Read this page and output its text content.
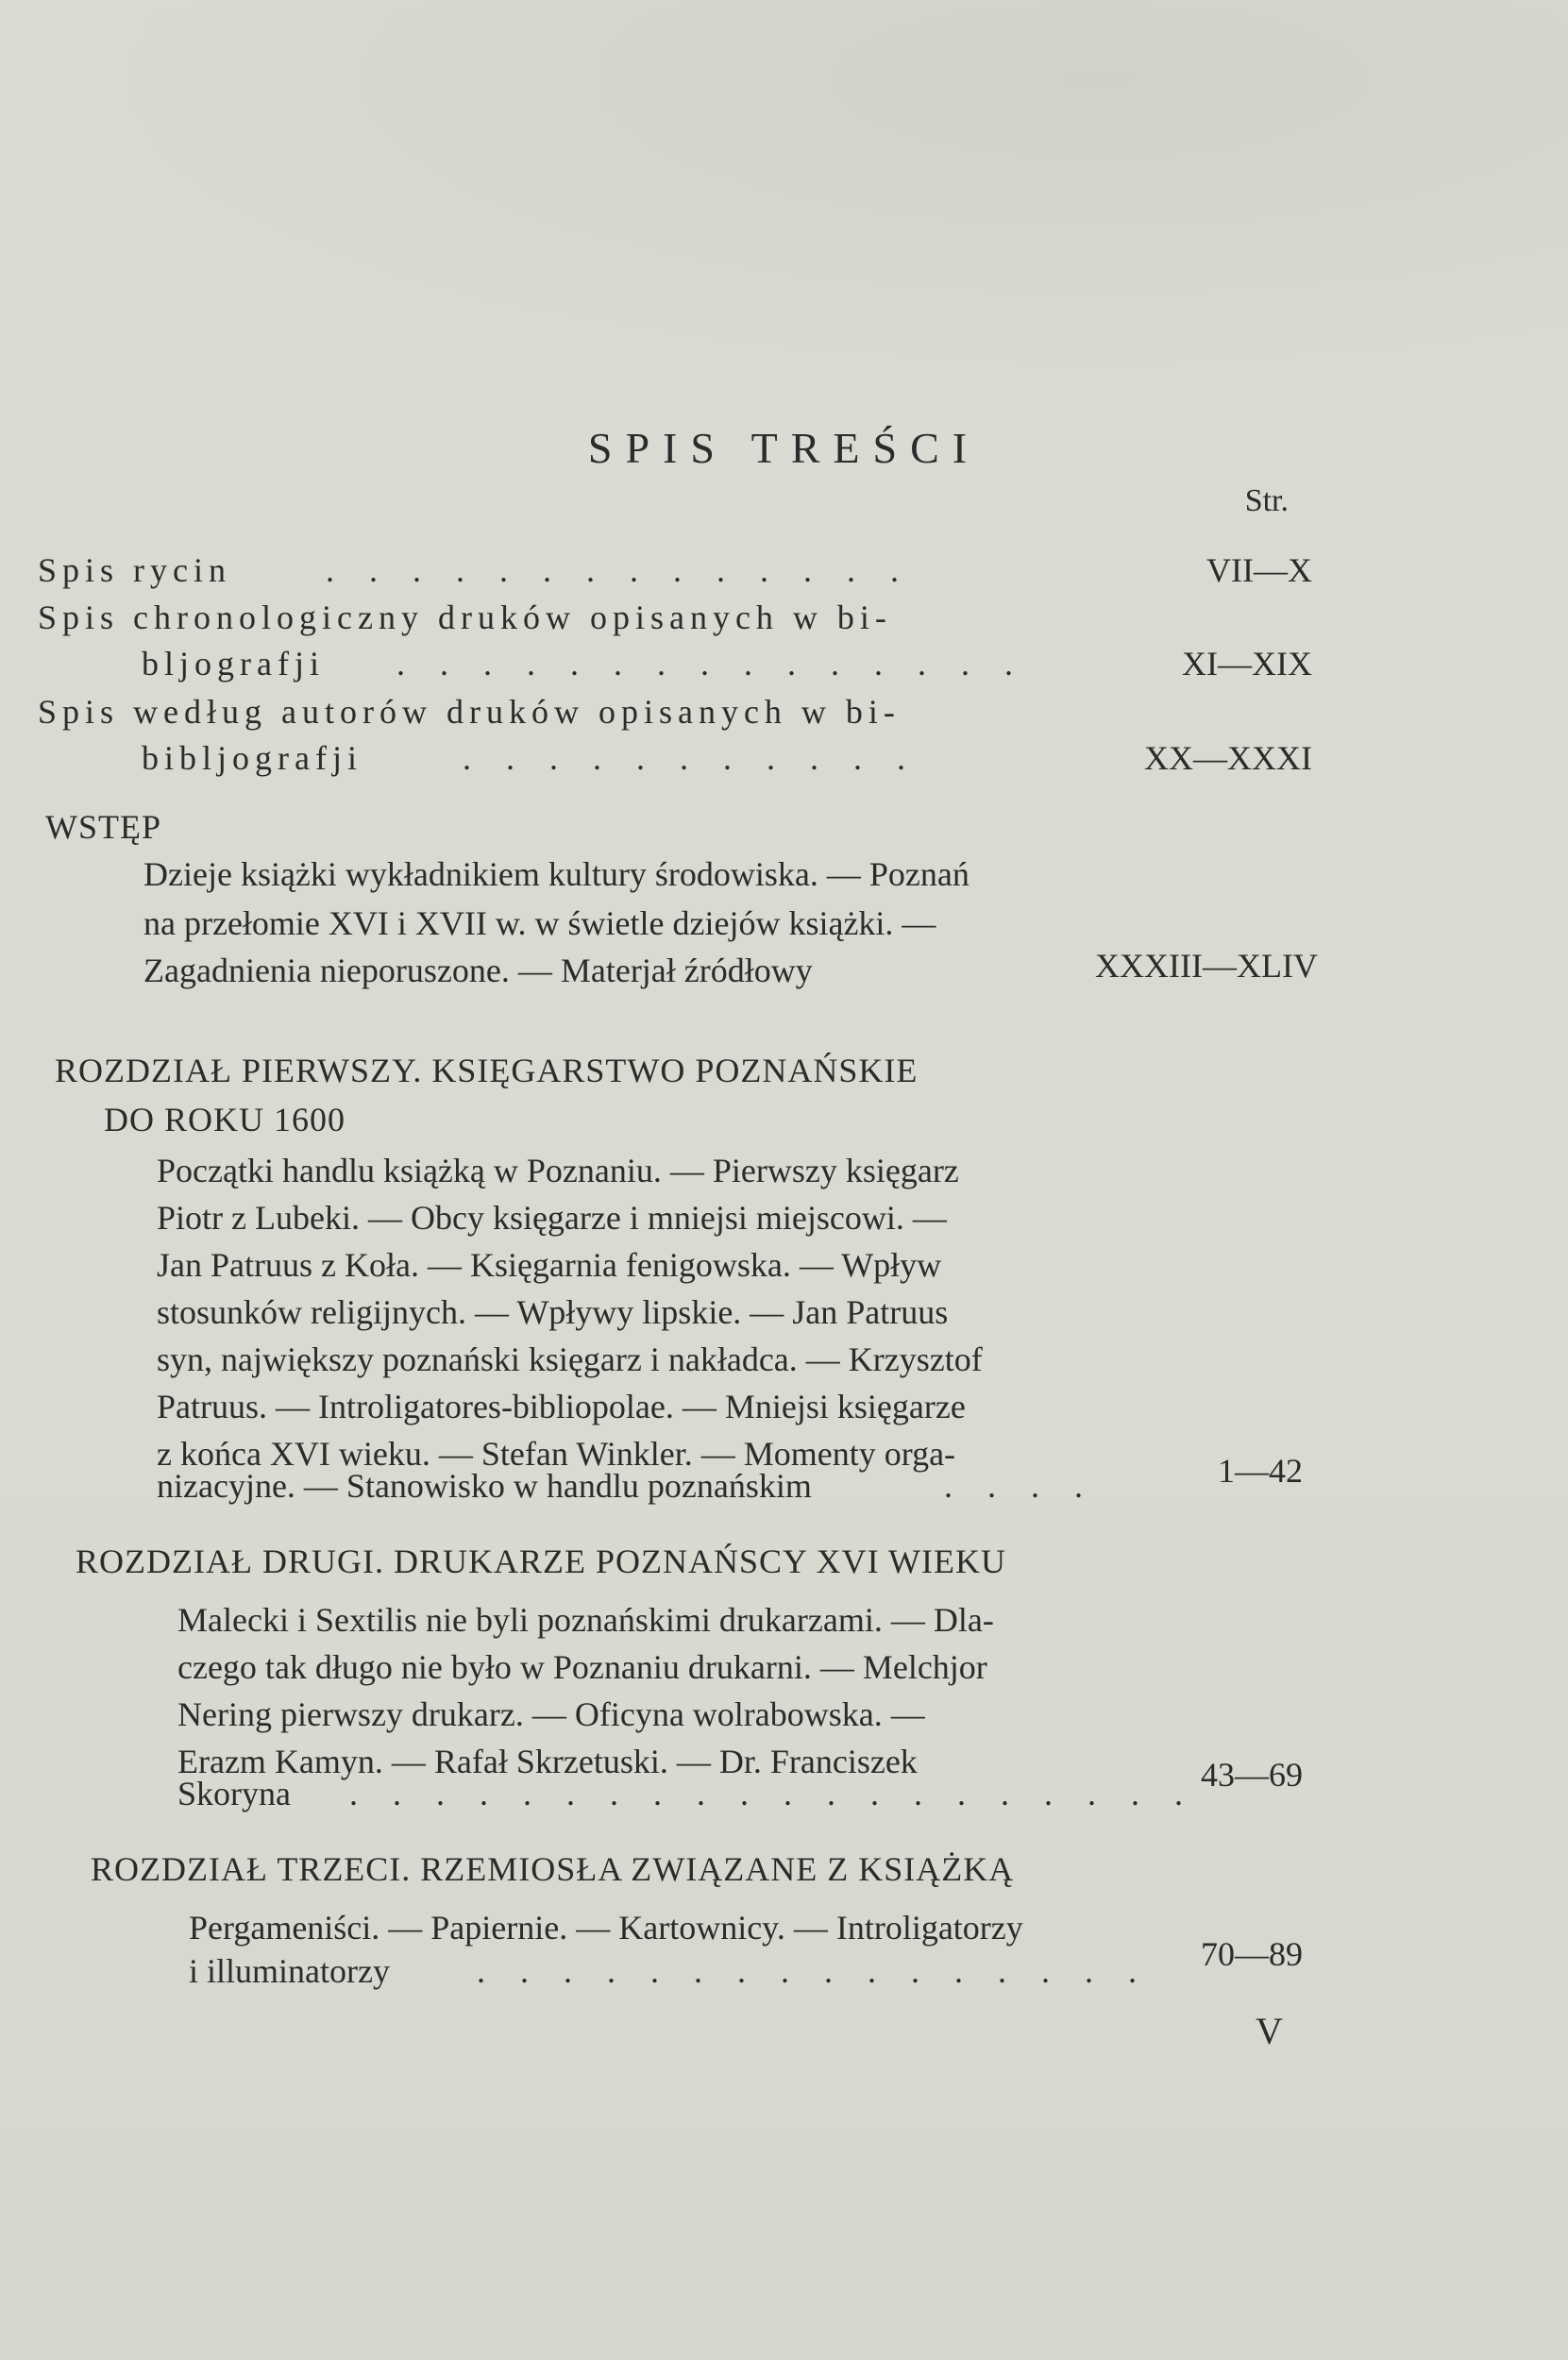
SPIS TREŚCI
Str.
Spis rycin	. . . . . . . . . . . . . .	VII—X
Spis chronologiczny druków opisanych w bi-
bljografji . . . . . . . . . . . . . . .	XI—XIX
Spis według autorów druków opisanych w bi-
bibljografji	. . . . . . . . . . .	XX—XXXI
WSTĘP
Dzieje książki wykładnikiem kultury środowiska. — Poznań
na przełomie XVI i XVII w. w świetle dziejów książki. —
Zagadnienia nieporuszone. — Materjał źródłowy	XXXIII—XLIV
ROZDZIAŁ PIERWSZY. KSIĘGARSTWO POZNAŃSKIE
DO ROKU 1600
Początki handlu książką w Poznaniu. — Pierwszy księgarz
Piotr z Lubeki. — Obcy księgarze i mniejsi miejscowi. —
Jan Patruus z Koła. — Księgarnia fenigowska. — Wpływ
stosunków religijnych. — Wpływy lipskie. — Jan Patruus
syn, największy poznański księgarz i nakładca. — Krzysztof
Patruus. — Introligatores-bibliopolae. — Mniejsi księgarze
z końca XVI wieku. — Stefan Winkler. — Momenty orga-
nizacyjne. — Stanowisko w handlu poznańskim	. . . .	1—42
ROZDZIAŁ DRUGI. DRUKARZE POZNAŃSCY XVI WIEKU
Malecki i Sextilis nie byli poznańskimi drukarzami. — Dla-
czego tak długo nie było w Poznaniu drukarni. — Melchjor
Nering pierwszy drukarz. — Oficyna wolrabowska. —
Erazm Kamyn. — Rafał Skrzetuski. — Dr. Franciszek
Skoryna . . . . . . . . . . . . . . . . . . . . 43—69
ROZDZIAŁ TRZECI. RZEMIOSŁA ZWIĄZANE Z KSIĄŻKĄ
Pergameniści. — Papiernie. — Kartownicy. — Introligatorzy
i illuminatorzy	. . . . . . . . . . . . . . . .	70—89
V
